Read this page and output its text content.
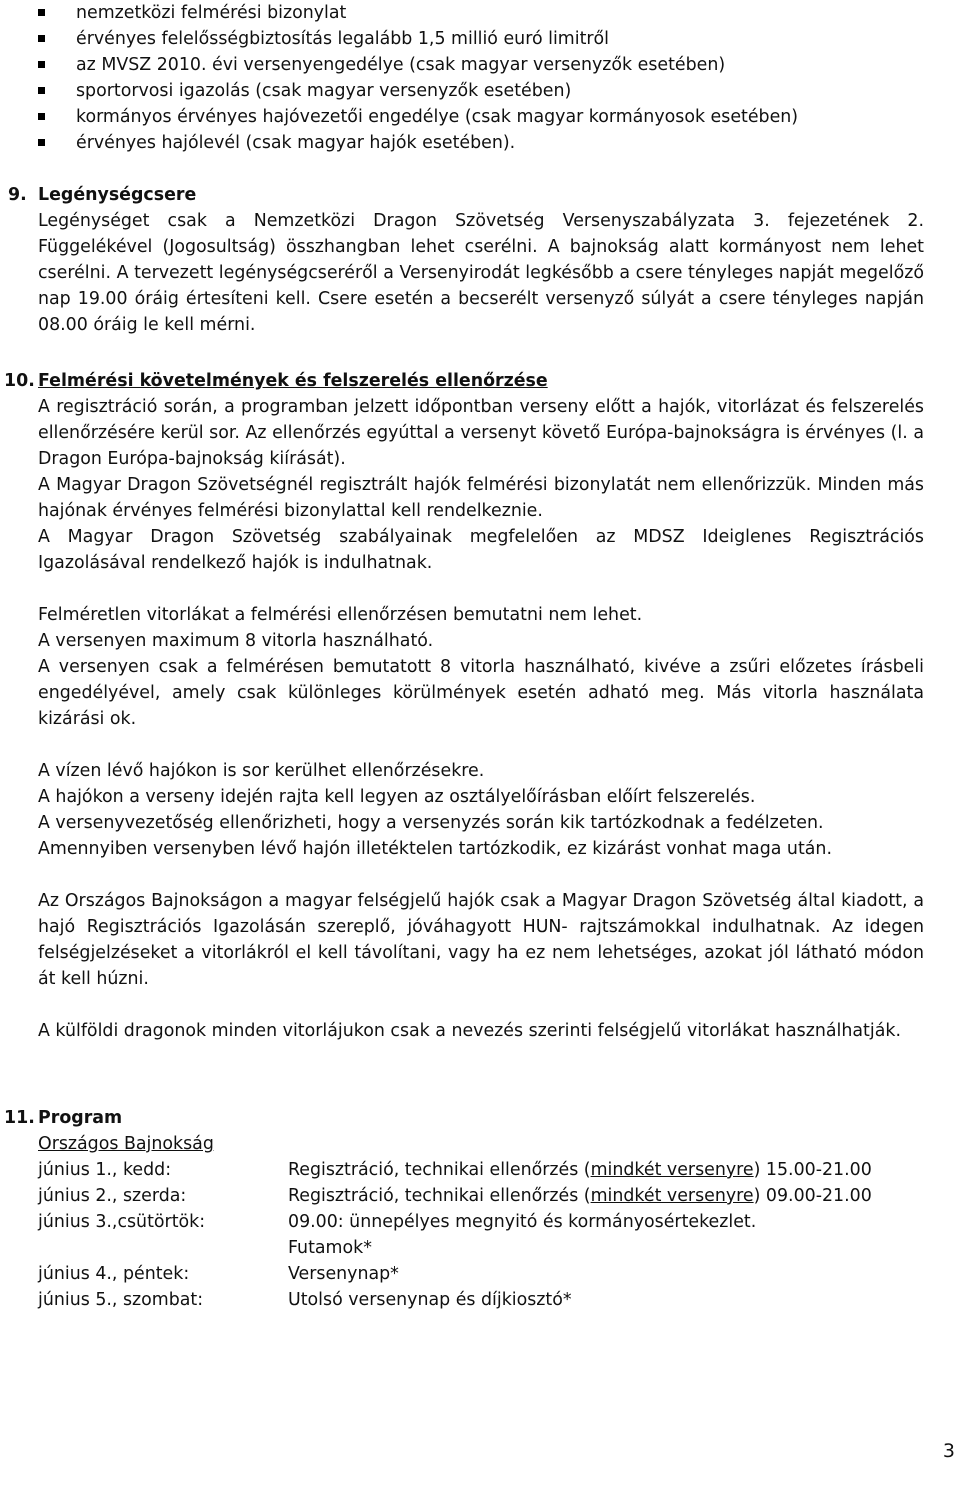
nemzetközi felmérési bizonylat
érvényes felelősségbiztosítás legalább 1,5 millió euró limitről
az MVSZ 2010. évi versenyengedélye (csak magyar versenyzők esetében)
sportorvosi igazolás (csak magyar versenyzők esetében)
kormányos érvényes hajóvezetői engedélye (csak magyar kormányosok esetében)
érvényes hajólevél (csak magyar hajók esetében).
9. Legénységcsere
Legénységet csak a Nemzetközi Dragon Szövetség Versenyszabályzata 3. fejezetének 2. Függelékével (Jogosultság) összhangban lehet cserélni. A bajnokság alatt kormányost nem lehet cserélni. A tervezett legénységcseréről a Versenyirodát legkésőbb a csere tényleges napját megelőző nap 19.00 óráig értesíteni kell. Csere esetén a becserélt versenyző súlyát a csere tényleges napján 08.00 óráig le kell mérni.
10. Felmérési követelmények és felszerelés ellenőrzése
A regisztráció során, a programban jelzett időpontban verseny előtt a hajók, vitorlázat és felszerelés ellenőrzésére kerül sor. Az ellenőrzés egyúttal a versenyt követő Európa-bajnokságra is érvényes (l. a Dragon Európa-bajnokság kiírását).
A Magyar Dragon Szövetségnél regisztrált hajók felmérési bizonylatát nem ellenőrizzük. Minden más hajónak érvényes felmérési bizonylattal kell rendelkeznie.
A Magyar Dragon Szövetség szabályainak megfelelően az MDSZ Ideiglenes Regisztrációs Igazolásával rendelkező hajók is indulhatnak.
Felméretlen vitorlákat a felmérési ellenőrzésen bemutatni nem lehet.
A versenyen maximum 8 vitorla használható.
A versenyen csak a felmérésen bemutatott 8 vitorla használható, kivéve a zsűri előzetes írásbeli engedélyével, amely csak különleges körülmények esetén adható meg. Más vitorla használata kizárási ok.
A vízen lévő hajókon is sor kerülhet ellenőrzésekre.
A hajókon a verseny idején rajta kell legyen az osztályelőírásban előírt felszerelés.
A versenyvezetőség ellenőrizheti, hogy a versenyzés során kik tartózkodnak a fedélzeten.
Amennyiben versenyben lévő hajón illetéktelen tartózkodik, ez kizárást vonhat maga után.
Az Országos Bajnokságon a magyar felségjelű hajók csak a Magyar Dragon Szövetség által kiadott, a hajó Regisztrációs Igazolásán szereplő, jóváhagyott HUN- rajtszámokkal indulhatnak. Az idegen felségjelzéseket a vitorlákról el kell távolítani, vagy ha ez nem lehetséges, azokat jól látható módon át kell húzni.
A külföldi dragonok minden vitorlájukon csak a nevezés szerinti felségjelű vitorlákat használhatják.
11. Program
Országos Bajnokság
június 1., kedd:	Regisztráció, technikai ellenőrzés (mindkét versenyre) 15.00-21.00
június 2., szerda:	Regisztráció, technikai ellenőrzés (mindkét versenyre) 09.00-21.00
június 3.,csütörtök:	09.00: ünnepélyes megnyitó és kormányosértekezlet.
	Futamok*
június 4., péntek:	Versenynap*
június 5., szombat:	Utolsó versenynap és díjkiosztó*
3
